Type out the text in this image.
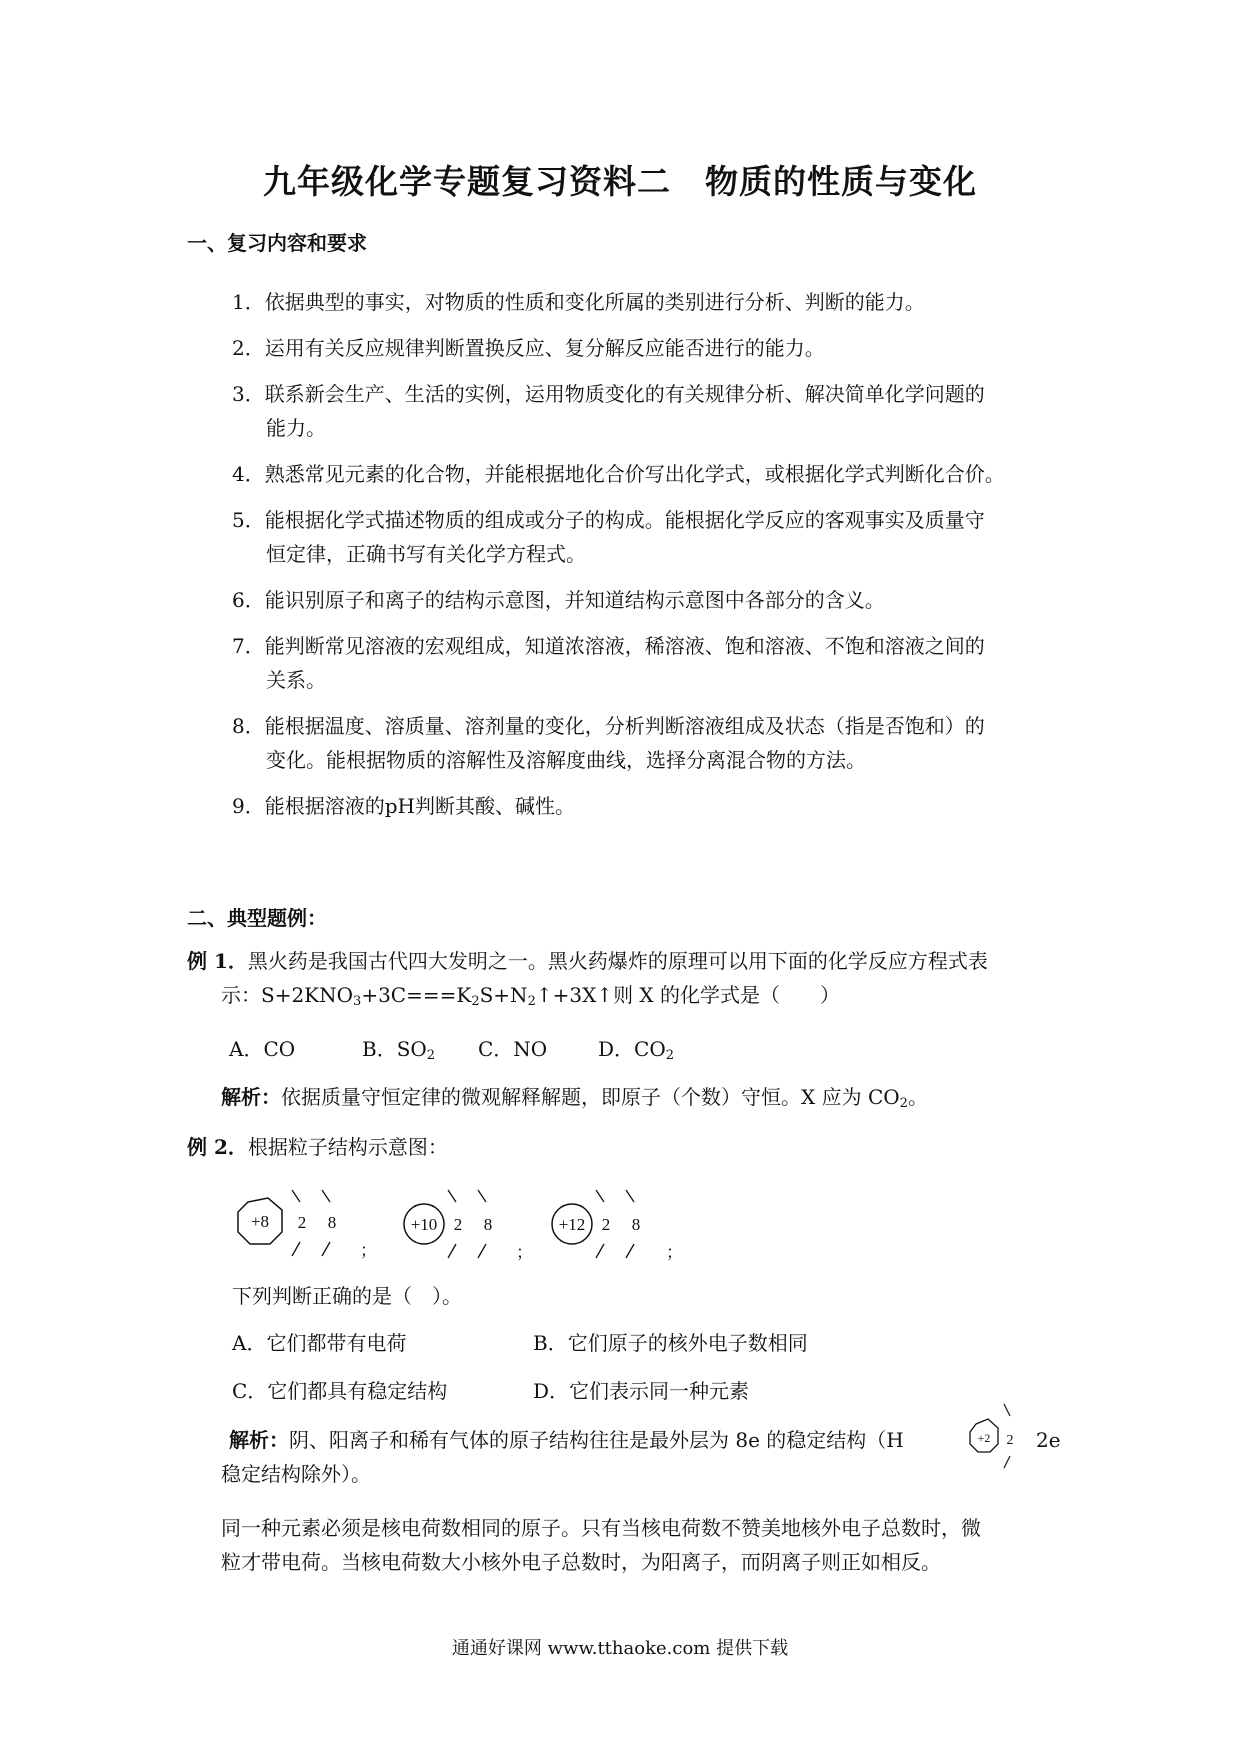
九年级化学专题复习资料二　物质的性质与变化
一、复习内容和要求
1．依据典型的事实，对物质的性质和变化所属的类别进行分析、判断的能力。
2．运用有关反应规律判断置换反应、复分解反应能否进行的能力。
3．联系新会生产、生活的实例，运用物质变化的有关规律分析、解决简单化学问题的
能力。
4．熟悉常见元素的化合物，并能根据地化合价写出化学式，或根据化学式判断化合价。
5．能根据化学式描述物质的组成或分子的构成。能根据化学反应的客观事实及质量守
恒定律，正确书写有关化学方程式。
6．能识别原子和离子的结构示意图，并知道结构示意图中各部分的含义。
7．能判断常见溶液的宏观组成，知道浓溶液，稀溶液、饱和溶液、不饱和溶液之间的
关系。
8．能根据温度、溶质量、溶剂量的变化，分析判断溶液组成及状态（指是否饱和）的
变化。能根据物质的溶解性及溶解度曲线，选择分离混合物的方法。
9．能根据溶液的pH判断其酸、碱性。
二、典型题例：
例 1．黑火药是我国古代四大发明之一。黑火药爆炸的原理可以用下面的化学反应方程式表
示：$S+2KNO_3+3C===K_2S+N_2↑+3X↑$则 X 的化学式是（　　）
A．CO	B．$SO_2$ C．NO	D．$CO_2$
解析：依据质量守恒定律的微观解释解题，即原子（个数）守恒。X 应为 $CO_2$。
例 2．根据粒子结构示意图：
+8 2 8
；
+10 2 8
；
+12 2 8
；
下列判断正确的是（　）。
A．它们都带有电荷	B．它们原子的核外电子数相同
C．它们都具有稳定结构	D．它们表示同一种元素
解析：阴、阳离子和稀有气体的原子结构往往是最外层为 8e 的稳定结构（H	+2 2 2e
稳定结构除外）。
同一种元素必须是核电荷数相同的原子。只有当核电荷数不赞美地核外电子总数时，微
粒才带电荷。当核电荷数大小核外电子总数时，为阳离子，而阴离子则正如相反。
通通好课网 www.tthaoke.com 提供下载
